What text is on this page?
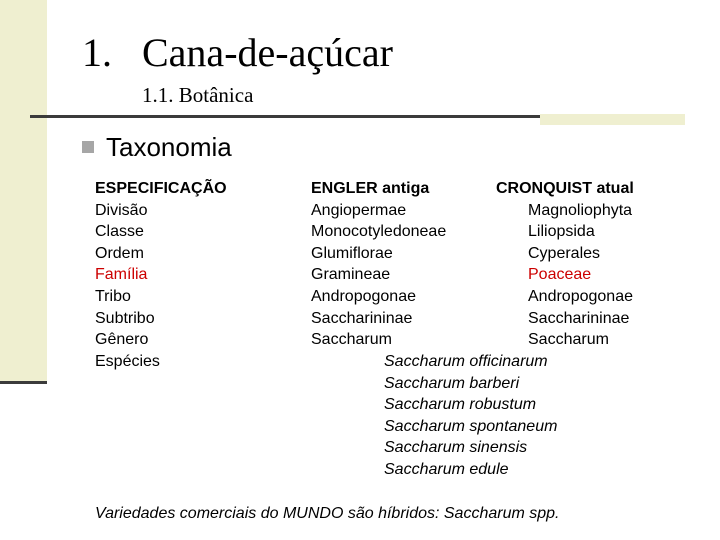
1. Cana-de-açúcar
1.1. Botânica
Taxonomia
ESPECIFICAÇÃO
Divisão
Classe
Ordem
Família
Tribo
Subtribo
Gênero
Espécies
ENGLER antiga
Angiopermae
Monocotyledoneae
Glumiflorae
Gramineae
Andropogonae
Saccharininae
Saccharum
CRONQUIST atual
Magnoliophyta
Liliopsida
Cyperales
Poaceae
Andropogonae
Saccharininae
Saccharum
Saccharum officinarum
Saccharum barberi
Saccharum robustum
Saccharum spontaneum
Saccharum sinensis
Saccharum edule
Variedades comerciais do MUNDO são híbridos: Saccharum spp.
